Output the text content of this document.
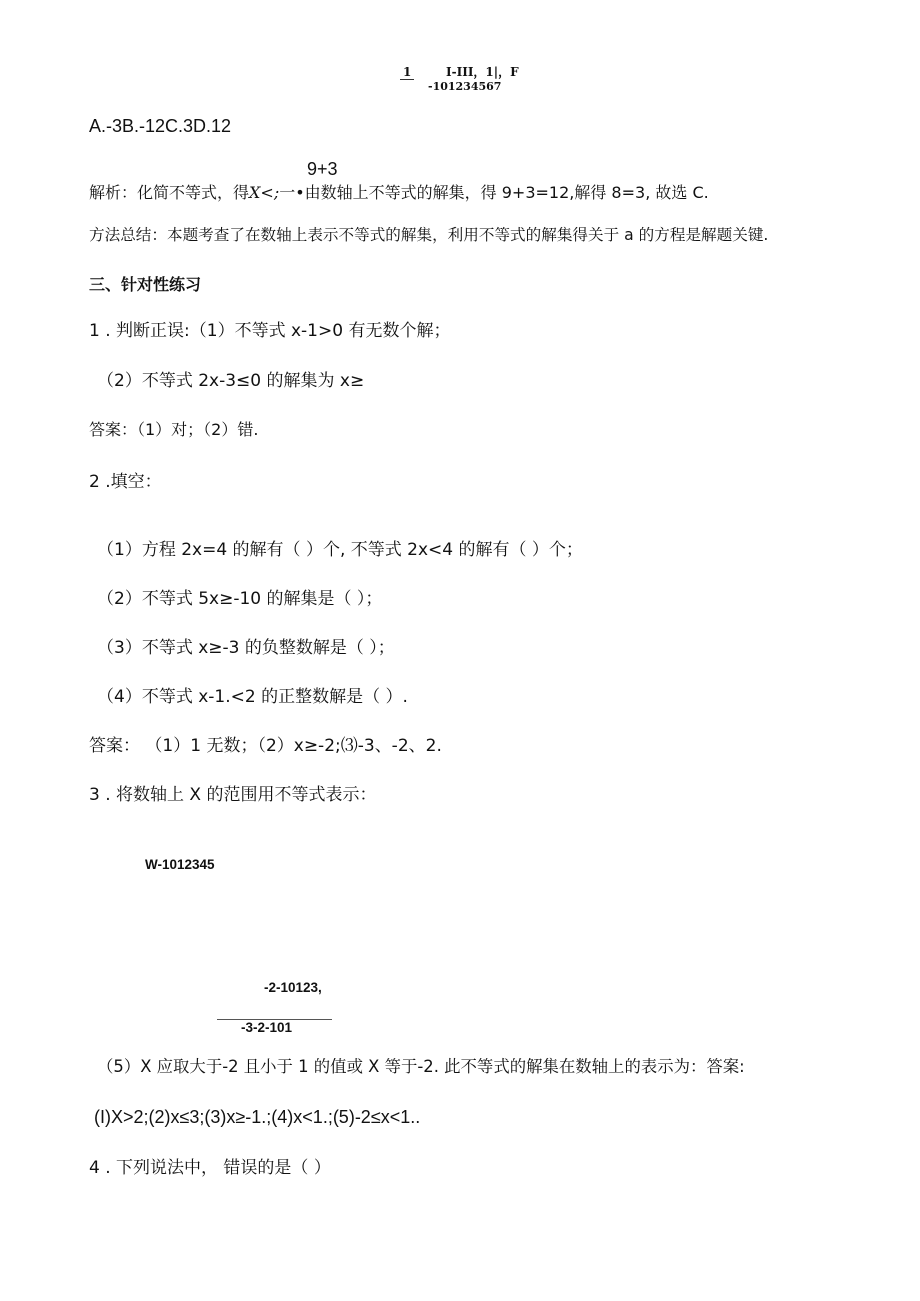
1	I-III，1|，F
-101234567
A.-3B.-12C.3D.12
9+3
解析：化简不等式，得X<;一•由数轴上不等式的解集，得 9+3=12,解得 8=3, 故选 C.
方法总结：本题考查了在数轴上表示不等式的解集，利用不等式的解集得关于 a 的方程是解题关键.
三、针对性练习
1 . 判断正误:（1）不等式 x-1>0 有无数个解；
（2）不等式 2x-3≤0 的解集为 x≥
答案：（1）对；（2）错.
2 .填空：
（1）方程 2x=4 的解有（ ）个, 不等式 2x<4 的解有（ ）个；
（2）不等式 5x≥-10 的解集是（ ）；
（3）不等式 x≥-3 的负整数解是（ ）；
（4）不等式 x-1.<2 的正整数解是（ ）.
答案： （1）1 无数；（2）x≥-2;⑶-3、-2、2.
3 . 将数轴上 X 的范围用不等式表示：
W-1012345
-2-10123,
-3-2-101
（5）X 应取大于-2 且小于 1 的值或 X 等于-2. 此不等式的解集在数轴上的表示为：答案:
(I)X>2;(2)x≤3;(3)x≥-1.;(4)x<1.;(5)-2≤x<1..
4 . 下列说法中， 错误的是（ ）
